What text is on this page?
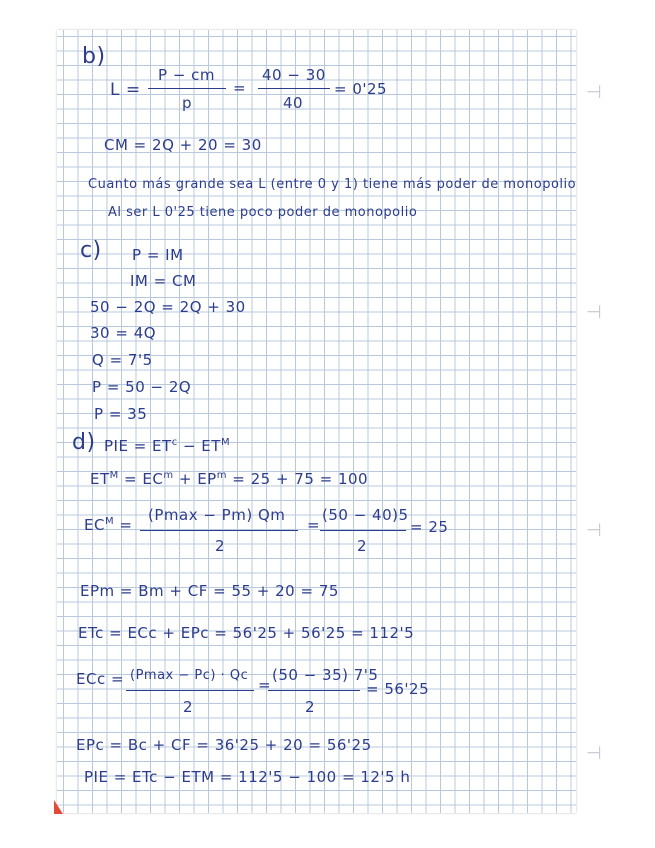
⊣
⊣
⊣
⊣
b)
L =
P − cm
p
=
40 − 30
40
= 0'25
CM = 2Q + 20 = 30
Cuanto más grande sea L (entre 0 y 1) tiene más poder de monopolio
Al ser L 0'25 tiene poco poder de monopolio
c) P = IM
IM = CM
50 − 2Q = 2Q + 30
30 = 4Q
Q = 7'5
P = 50 − 2Q
P = 35
d) PIE = $ET^c - ET^M$
$ET^M = EC^m + EP^m = 25 + 75 = 100$
$EC^M$ =
(Pmax − Pm) Qm
2
=
(50 − 40)5
2
= 25
EPm = Bm + CF = 55 + 20 = 75
ETc = ECc + EPc = 56'25 + 56'25 = 112'5
ECc = (Pmax − Pc) · Qc
2
=
(50 − 35) 7'5
2
= 56'25
EPc = Bc + CF = 36'25 + 20 = 56'25
PIE = ETc − ETM = 112'5 − 100 = 12'5 h
